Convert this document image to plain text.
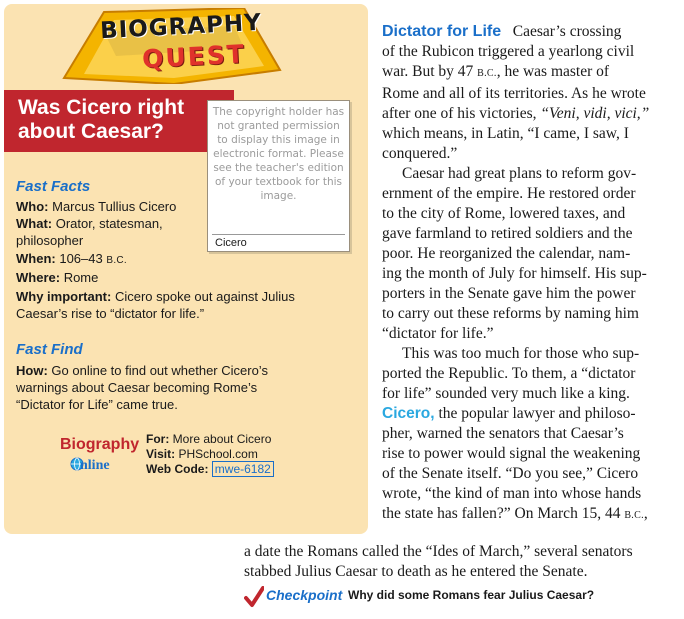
BIOGRAPHY
QUEST
Was Cicero right about Caesar?
The copyright holder has not granted permission to display this image in electronic format. Please see the teacher's edition of your textbook for this image.
Cicero
Fast Facts
Who: Marcus Tullius Cicero
What: Orator, statesman,
philosopher
When: 106–43 B.C.
Where: Rome
Why important: Cicero spoke out against Julius
Caesar’s rise to “dictator for life.”
Fast Find
How: Go online to find out whether Cicero’s
warnings about Caesar becoming Rome’s
“Dictator for Life” came true.
Biography
nline
For: More about Cicero
Visit: PHSchool.com
Web Code: mwe-6182

Dictator for Life Caesar’s crossing
of the Rubicon triggered a yearlong civil
war. But by 47 B.C., he was master of
Rome and all of its territories. As he wrote
after one of his victories, “Veni, vidi, vici,”
which means, in Latin, “I came, I saw, I
conquered.”

Caesar had great plans to reform gov-
ernment of the empire. He restored order
to the city of Rome, lowered taxes, and
gave farmland to retired soldiers and the
poor. He reorganized the calendar, nam-
ing the month of July for himself. His sup-
porters in the Senate gave him the power
to carry out these reforms by naming him
“dictator for life.”

This was too much for those who sup-
ported the Republic. To them, a “dictator
for life” sounded very much like a king.
Cicero, the popular lawyer and philoso-
pher, warned the senators that Caesar’s
rise to power would signal the weakening
of the Senate itself. “Do you see,” Cicero
wrote, “the kind of man into whose hands
the state has fallen?” On March 15, 44 B.C.,

a date the Romans called the “Ides of March,” several senators
stabbed Julius Caesar to death as he entered the Senate.
Checkpoint Why did some Romans fear Julius Caesar?
